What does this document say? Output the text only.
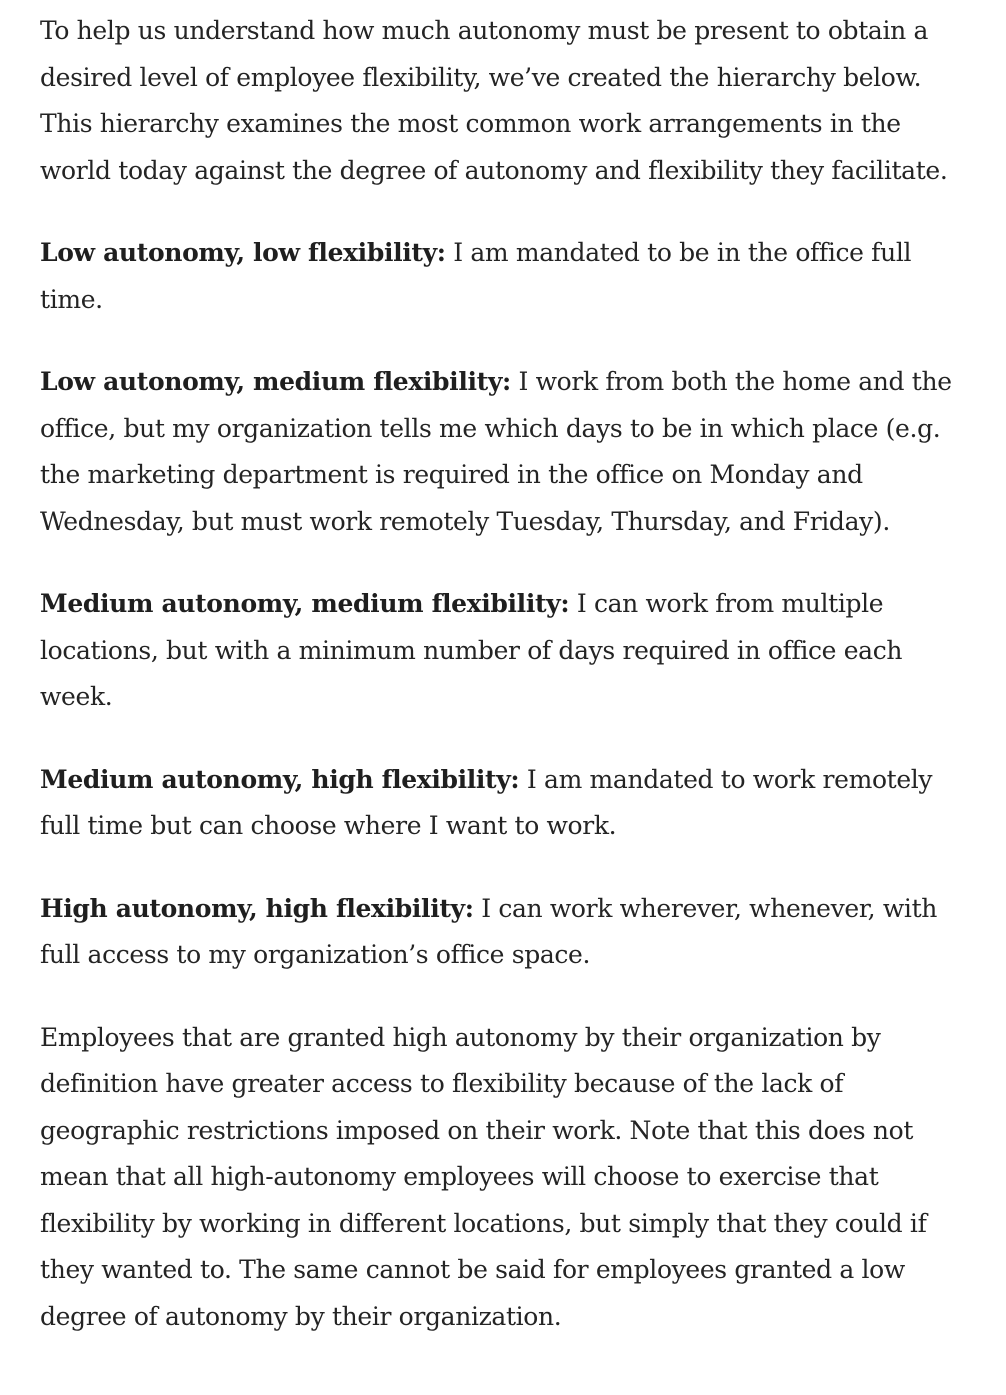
To help us understand how much autonomy must be present to obtain a desired level of employee flexibility, we’ve created the hierarchy below. This hierarchy examines the most common work arrangements in the world today against the degree of autonomy and flexibility they facilitate.

Low autonomy, low flexibility: I am mandated to be in the office full time.

Low autonomy, medium flexibility: I work from both the home and the office, but my organization tells me which days to be in which place (e.g. the marketing department is required in the office on Monday and Wednesday, but must work remotely Tuesday, Thursday, and Friday).

Medium autonomy, medium flexibility: I can work from multiple locations, but with a minimum number of days required in office each week.

Medium autonomy, high flexibility: I am mandated to work remotely full time but can choose where I want to work.

High autonomy, high flexibility: I can work wherever, whenever, with full access to my organization’s office space.

Employees that are granted high autonomy by their organization by definition have greater access to flexibility because of the lack of geographic restrictions imposed on their work. Note that this does not mean that all high-autonomy employees will choose to exercise that flexibility by working in different locations, but simply that they could if they wanted to. The same cannot be said for employees granted a low degree of autonomy by their organization.
